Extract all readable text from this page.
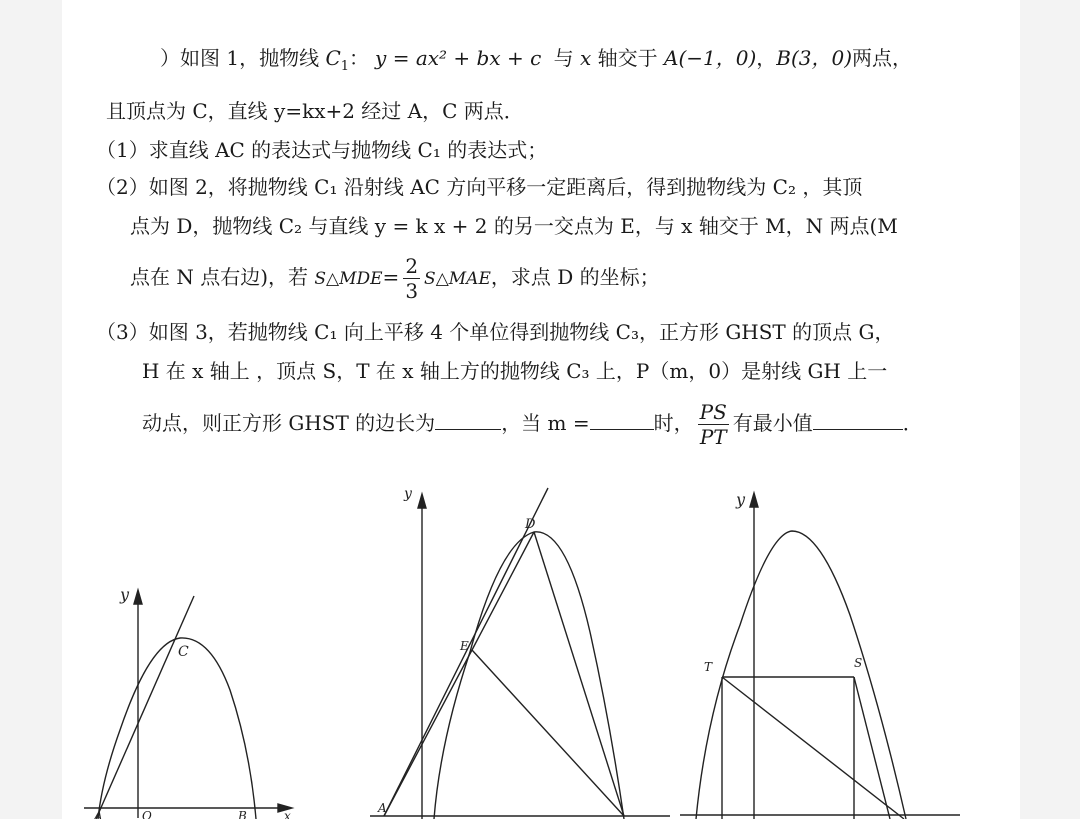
）如图 1，抛物线 $C_1$： y = ax² + bx + c 与 x 轴交于 A(−1，0)，B(3，0)两点，
且顶点为 C，直线 y=kx+2 经过 A，C 两点．
（1）求直线 AC 的表达式与抛物线 C₁ 的表达式；
（2）如图 2，将抛物线 C₁ 沿射线 AC 方向平移一定距离后，得到抛物线为 C₂ ，其顶
点为 D，抛物线 C₂ 与直线 y = k x + 2 的另一交点为 E，与 x 轴交于 M，N 两点(M
点在 N 点右边)，若 S△MDE= $\frac{2}{3}$ S△MAE，求点 D 的坐标；
（3）如图 3，若抛物线 C₁ 向上平移 4 个单位得到抛物线 C₃，正方形 GHST 的顶点 G，
H 在 x 轴上 ，顶点 S，T 在 x 轴上方的抛物线 C₃ 上，P（m，0）是射线 GH 上一
动点，则正方形 GHST 的边长为	，当 m =	时， $\frac{PS}{PT}$ 有最小值	．
y
C
A	O	B	x
y
D
E
A
y
T	S
